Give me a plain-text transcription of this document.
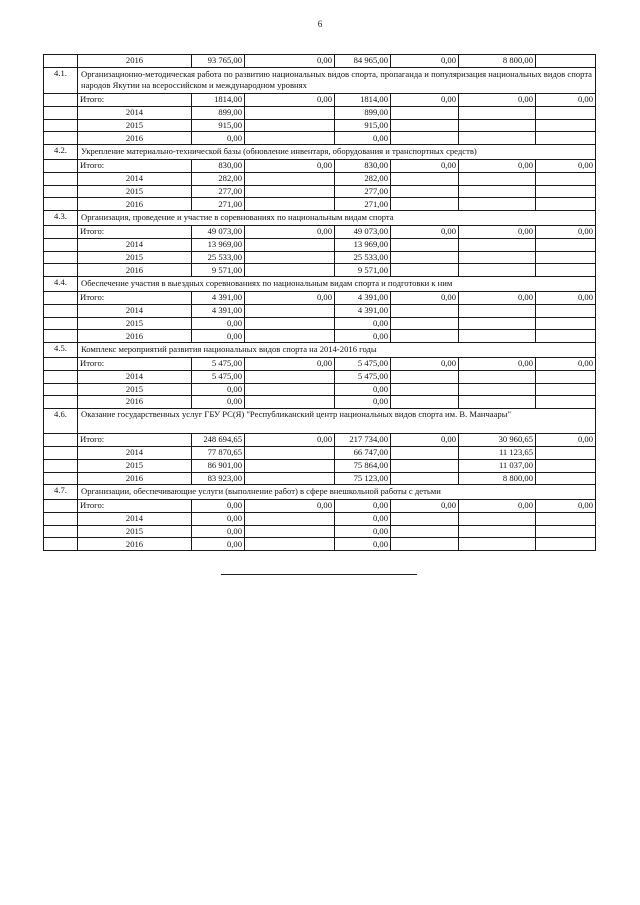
6
	2016	93 765,00	0,00	84 965,00	0,00	8 800,00	
4.1.	Организационно-методическая работа по развитию национальных видов спорта, пропаганда и популяризация национальных видов спорта народов Якутии на всероссийском и международном уровнях						
	Итого:	1814,00	0,00	1814,00	0,00	0,00	0,00
	2014	899,00		899,00			
	2015	915,00		915,00			
	2016	0,00		0,00			
4.2.	Укрепление материально-технической базы (обновление инвентаря, оборудования и транспортных средств)						
	Итого:	830,00	0,00	830,00	0,00	0,00	0,00
	2014	282,00		282,00			
	2015	277,00		277,00			
	2016	271,00		271,00			
4.3.	Организация, проведение и участие в соревнованиях по национальным видам спорта						
	Итого:	49 073,00	0,00	49 073,00	0,00	0,00	0,00
	2014	13 969,00		13 969,00			
	2015	25 533,00		25 533,00			
	2016	9 571,00		9 571,00			
4.4.	Обеспечение участия в выездных соревнованиях по национальным видам спорта и подготовки к ним						
	Итого:	4 391,00	0,00	4 391,00	0,00	0,00	0,00
	2014	4 391,00		4 391,00			
	2015	0,00		0,00			
	2016	0,00		0,00			
4.5.	Комплекс мероприятий развития национальных видов спорта на 2014-2016 годы						
	Итого:	5 475,00	0,00	5 475,00	0,00	0,00	0,00
	2014	5 475,00		5 475,00			
	2015	0,00		0,00			
	2016	0,00		0,00			
4.6.	Оказание государственных услуг ГБУ РС(Я) "Республиканский центр национальных видов спорта им. В. Манчаары"						
	Итого:	248 694,65	0,00	217 734,00	0,00	30 960,65	0,00
	2014	77 870,65		66 747,00		11 123,65	
	2015	86 901,00		75 864,00		11 037,00	
	2016	83 923,00		75 123,00		8 800,00	
4.7.	Организации, обеспечивающие услуги (выполнение работ) в сфере внешкольной работы с детьми						
	Итого:	0,00	0,00	0,00	0,00	0,00	0,00
	2014	0,00		0,00			
	2015	0,00		0,00			
	2016	0,00		0,00			
